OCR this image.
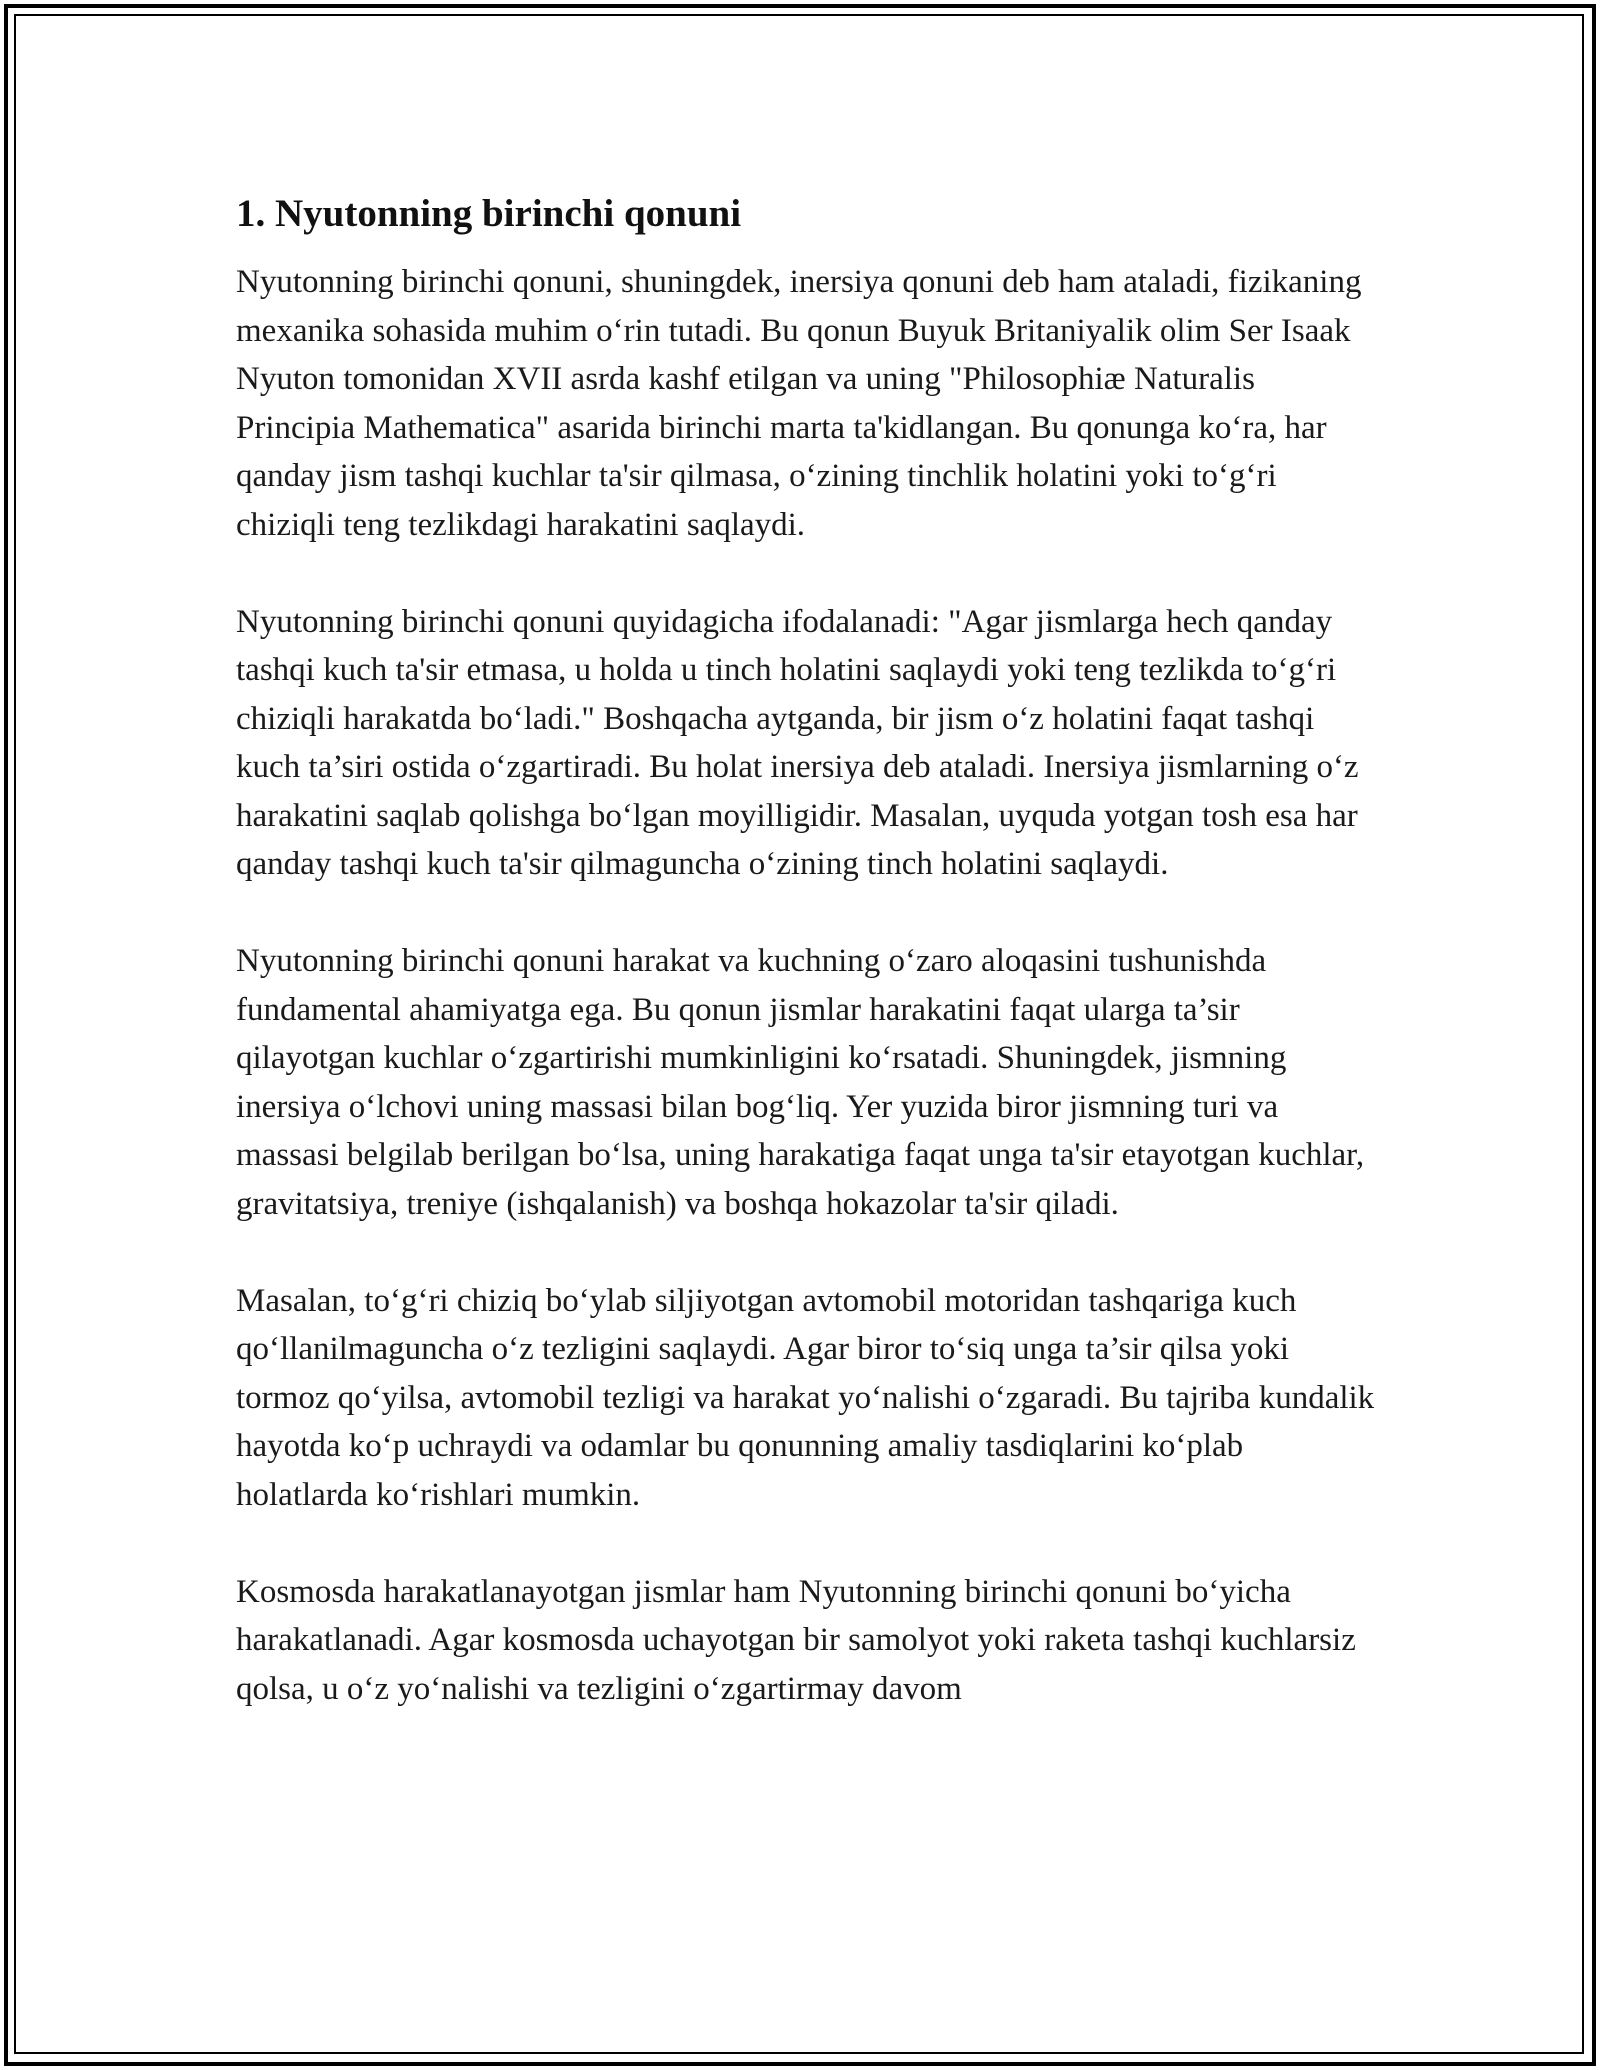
1. Nyutonning birinchi qonuni

Nyutonning birinchi qonuni, shuningdek, inersiya qonuni deb ham ataladi, fizikaning mexanika sohasida muhim o‘rin tutadi. Bu qonun Buyuk Britaniyalik olim Ser Isaak Nyuton tomonidan XVII asrda kashf etilgan va uning "Philosophiæ Naturalis Principia Mathematica" asarida birinchi marta ta'kidlangan. Bu qonunga ko‘ra, har qanday jism tashqi kuchlar ta'sir qilmasa, o‘zining tinchlik holatini yoki to‘g‘ri chiziqli teng tezlikdagi harakatini saqlaydi.

Nyutonning birinchi qonuni quyidagicha ifodalanadi: "Agar jismlarga hech qanday tashqi kuch ta'sir etmasa, u holda u tinch holatini saqlaydi yoki teng tezlikda to‘g‘ri chiziqli harakatda bo‘ladi." Boshqacha aytganda, bir jism o‘z holatini faqat tashqi kuch ta’siri ostida o‘zgartiradi. Bu holat inersiya deb ataladi. Inersiya jismlarning o‘z harakatini saqlab qolishga bo‘lgan moyilligidir. Masalan, uyquda yotgan tosh esa har qanday tashqi kuch ta'sir qilmaguncha o‘zining tinch holatini saqlaydi.

Nyutonning birinchi qonuni harakat va kuchning o‘zaro aloqasini tushunishda fundamental ahamiyatga ega. Bu qonun jismlar harakatini faqat ularga ta’sir qilayotgan kuchlar o‘zgartirishi mumkinligini ko‘rsatadi. Shuningdek, jismning inersiya o‘lchovi uning massasi bilan bog‘liq. Yer yuzida biror jismning turi va massasi belgilab berilgan bo‘lsa, uning harakatiga faqat unga ta'sir etayotgan kuchlar, gravitatsiya, treniye (ishqalanish) va boshqa hokazolar ta'sir qiladi.

Masalan, to‘g‘ri chiziq bo‘ylab siljiyotgan avtomobil motoridan tashqariga kuch qo‘llanilmaguncha o‘z tezligini saqlaydi. Agar biror to‘siq unga ta’sir qilsa yoki tormoz qo‘yilsa, avtomobil tezligi va harakat yo‘nalishi o‘zgaradi. Bu tajriba kundalik hayotda ko‘p uchraydi va odamlar bu qonunning amaliy tasdiqlarini ko‘plab holatlarda ko‘rishlari mumkin.

Kosmosda harakatlanayotgan jismlar ham Nyutonning birinchi qonuni bo‘yicha harakatlanadi. Agar kosmosda uchayotgan bir samolyot yoki raketa tashqi kuchlarsiz qolsa, u o‘z yo‘nalishi va tezligini o‘zgartirmay davom
